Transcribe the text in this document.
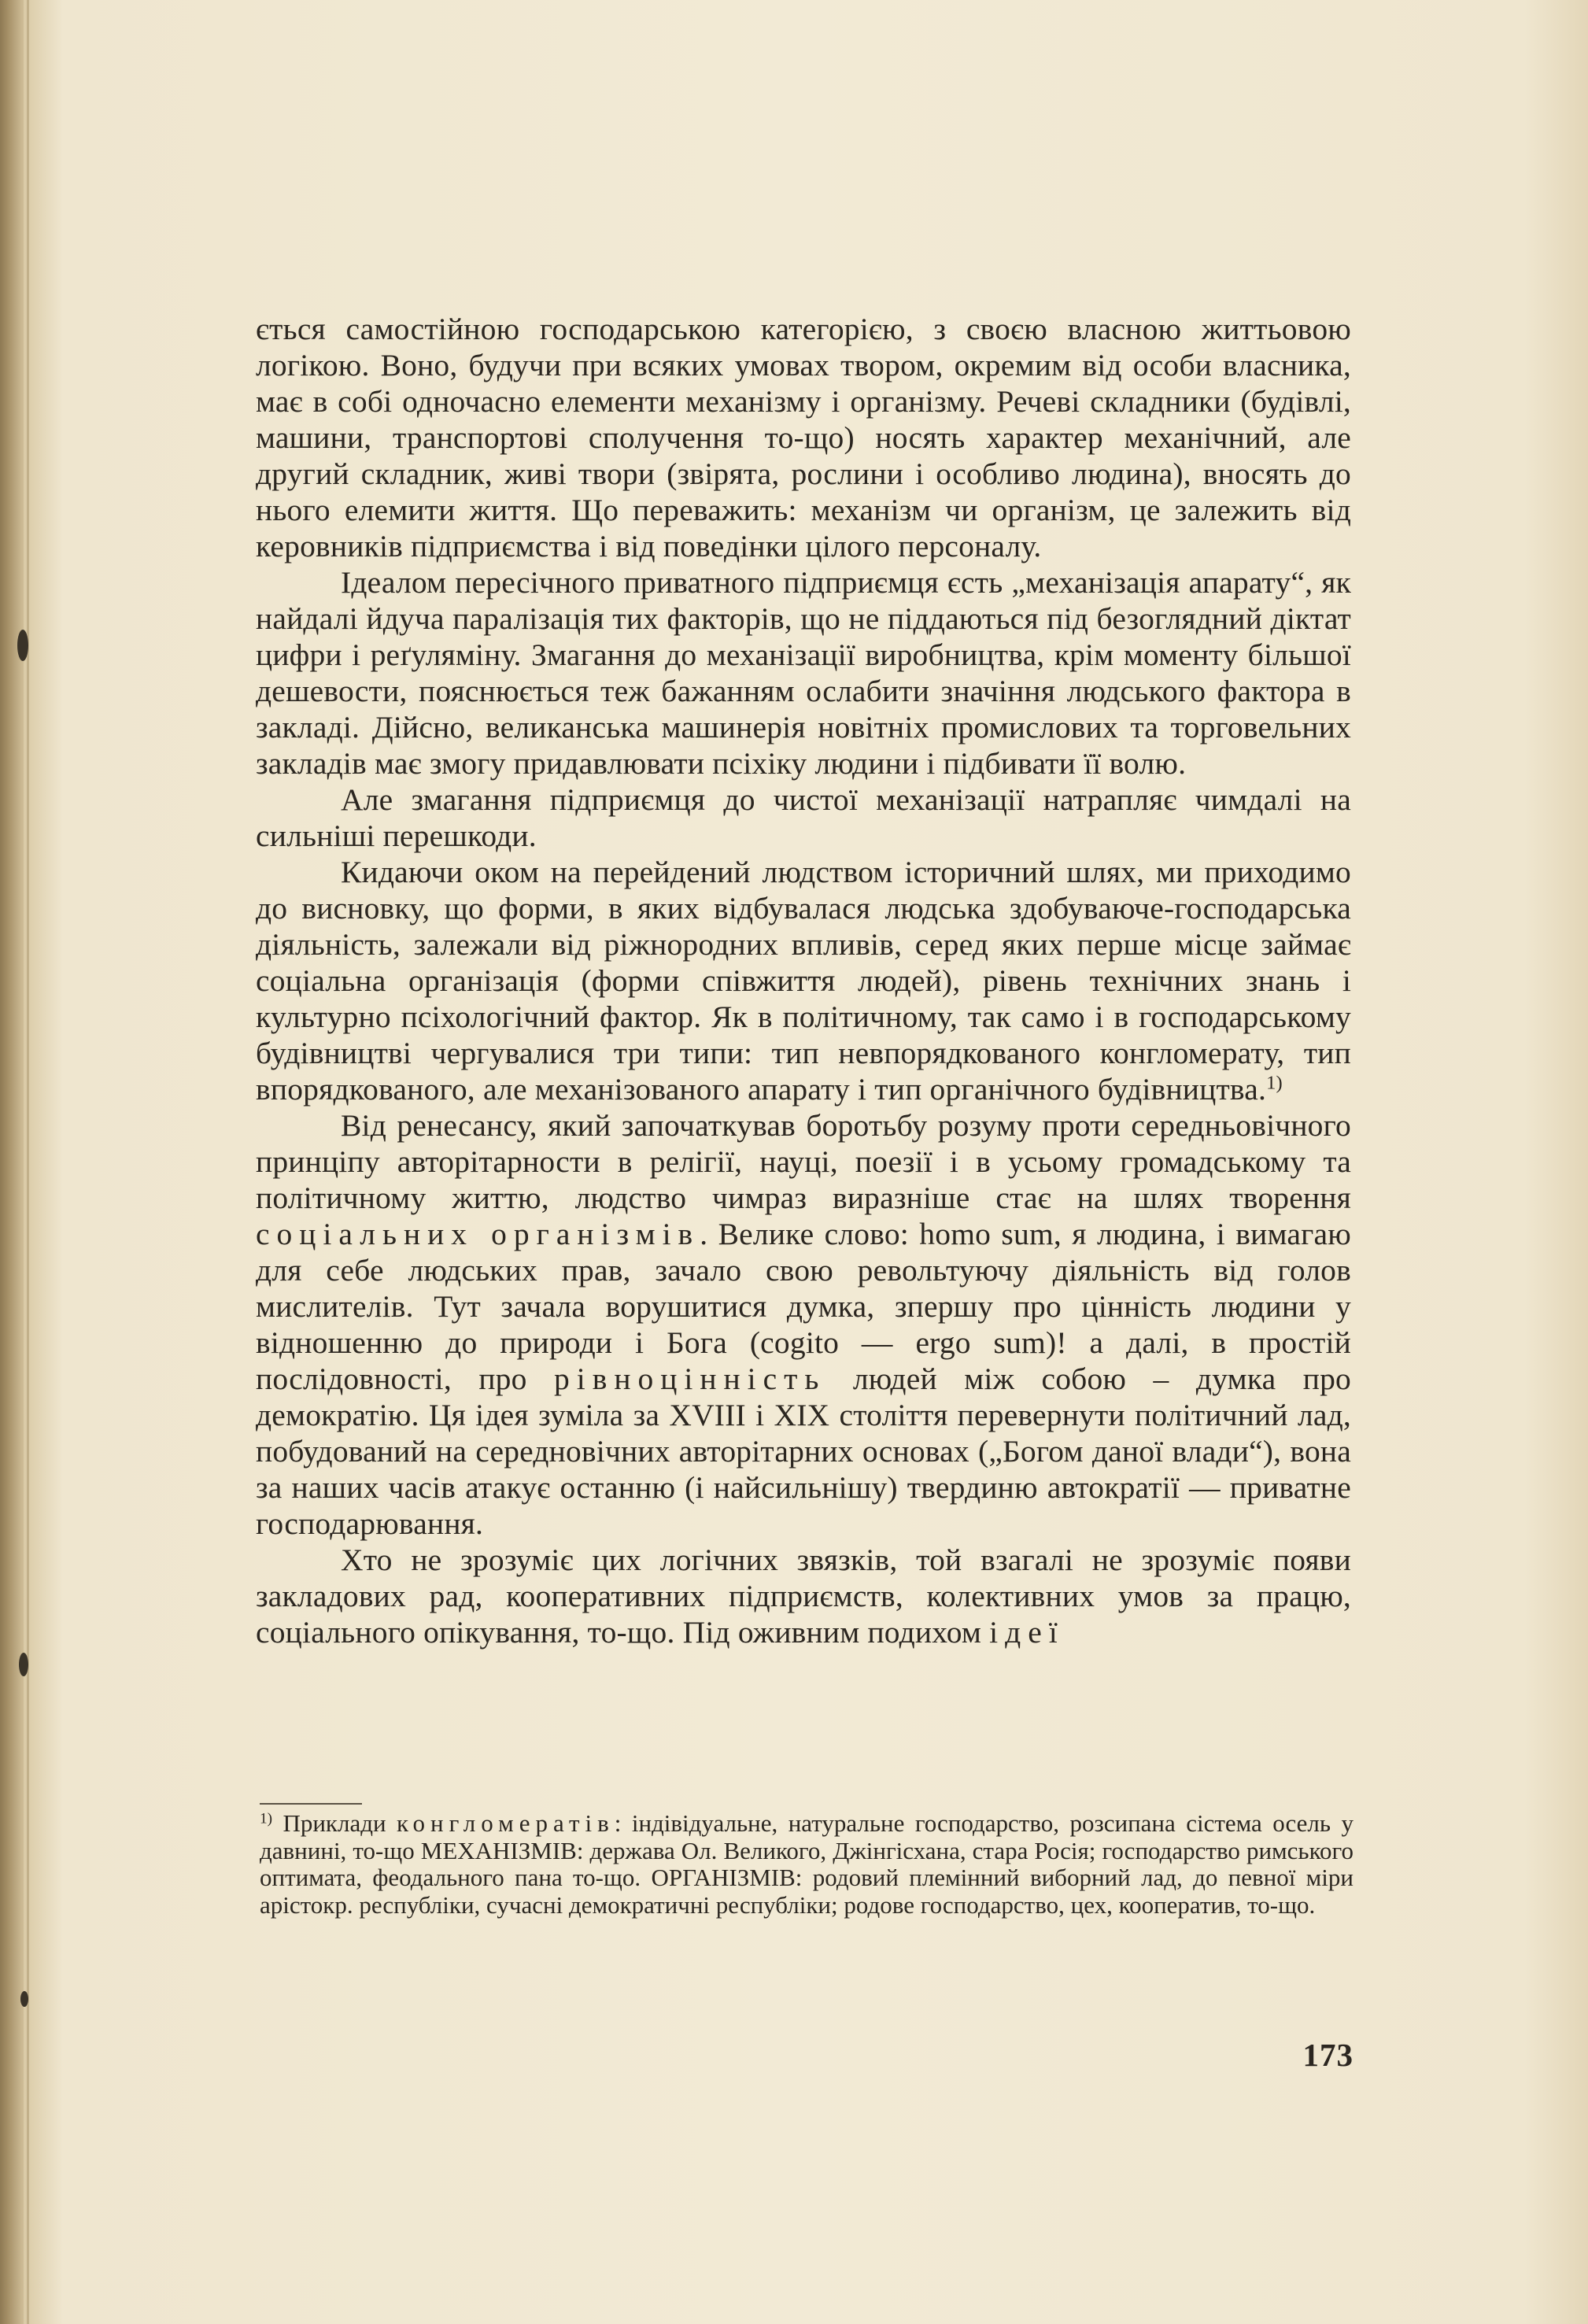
ється самостійною господарською категорією, з своєю власною життьовою логікою. Воно, будучи при всяких умовах твором, окремим від особи власника, має в собі одночасно елементи механізму і організму. Речеві складники (будівлі, машини, транспортові сполучення то-що) носять характер механічний, але другий складник, живі твори (звірята, рослини і особливо людина), вносять до нього елемити життя. Що переважить: механізм чи організм, це залежить від керовників підприємства і від поведінки цілого персоналу.

Ідеалом пересічного приватного підприємця єсть „механізація апарату“, як найдалі йдуча паралізація тих факторів, що не піддаються під безоглядний діктат цифри і реґуляміну. Змагання до механізації виробництва, крім моменту більшої дешевости, пояснюється теж бажанням ослабити значіння людського фактора в закладі. Дійсно, великанська машинерія новітніх промислових та торговельних закладів має змогу придавлювати псіхіку людини і підбивати її волю.

Але змагання підприємця до чистої механізації натрапляє чимдалі на сильніші перешкоди.

Кидаючи оком на перейдений людством історичний шлях, ми приходимо до висновку, що форми, в яких відбувалася людська здобуваюче-господарська діяльність, залежали від ріжнородних впливів, серед яких перше місце займає соціальна організація (форми співжиття людей), рівень технічних знань і культурно псіхологічний фактор. Як в політичному, так само і в господарському будівництві чергувалися три типи: тип невпорядкованого конгломерату, тип впорядкованого, але механізованого апарату і тип органічного будівництва.$^{1)}$

Від ренесансу, який започаткував боротьбу розуму проти середньовічного принціпу авторітарности в релігії, науці, поезії і в усьому громадському та політичному життю, людство чимраз виразніше стає на шлях творення соціальних організмів. Велике слово: homo sum, я людина, і вимагаю для себе людських прав, зачало свою револьтуючу діяльність від голов мислителів. Тут зачала ворушитися думка, зпершу про цінність людини у відношенню до природи і Бога (cogito — ergo sum)! а далі, в простій послідовності, про рівноцінність людей між собою – думка про демократію. Ця ідея зуміла за XVIII і XIX століття перевернути політичний лад, побудований на середновічних авторітарних основах („Богом даної влади“), вона за наших часів атакує останню (і найсильнішу) твердиню автократії — приватне господарювання.

Хто не зрозуміє цих логічних звязків, той взагалі не зрозуміє появи закладових рад, кооперативних підприємств, колективних умов за працю, соціального опікування, то-що. Під оживним подихом ідеї

$^{1)}$ Приклади конгломератів: індівідуальне, натуральне господарство, розсипана сістема осель у давнині, то-що МЕХАНІЗМІВ: держава Ол. Великого, Джінгісхана, стара Росія; господарство римського оптимата, феодального пана то-що. ОРГАНІЗМІВ: родовий племінний виборний лад, до певної міри арістокр. республіки, сучасні демократичні республіки; родове господарство, цех, кооператив, то-що.
173
